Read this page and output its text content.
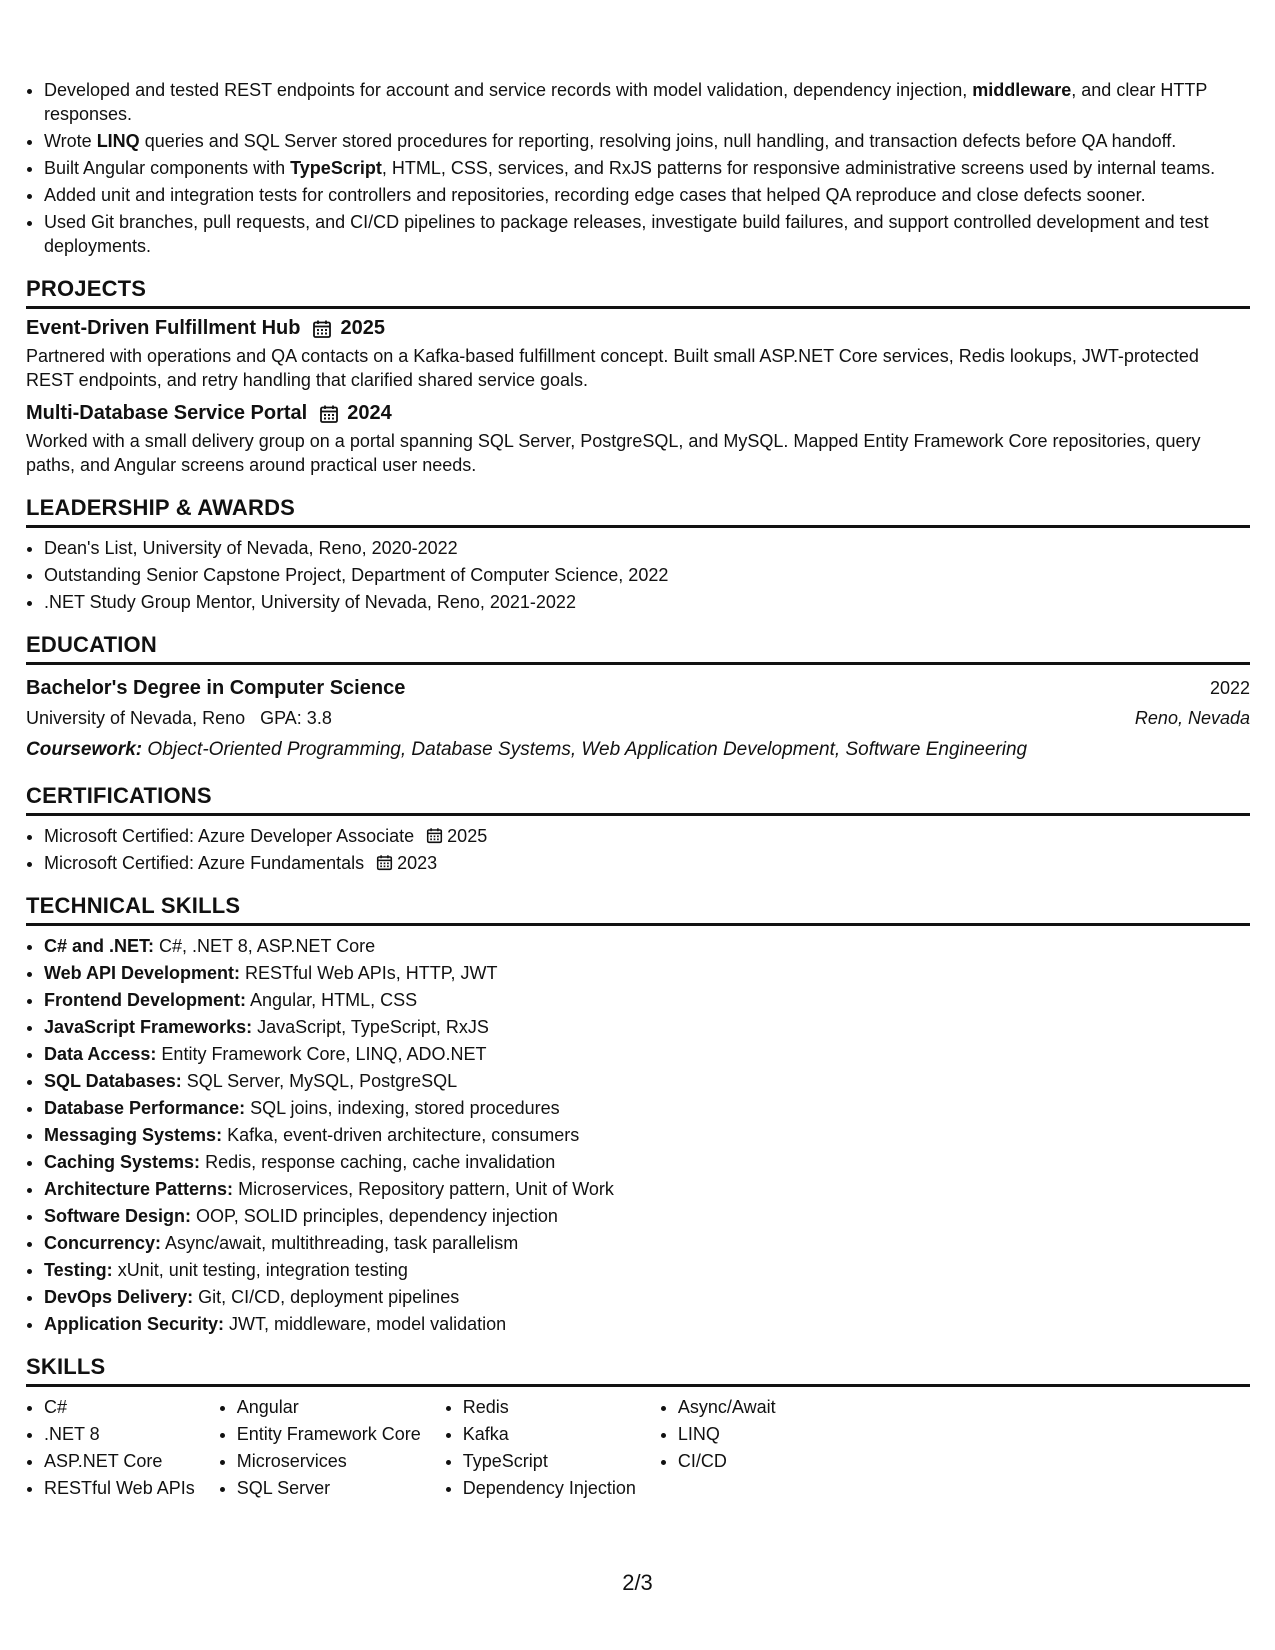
• Developed and tested REST endpoints for account and service records with model validation, dependency injection, middleware, and clear HTTP responses.
• Wrote LINQ queries and SQL Server stored procedures for reporting, resolving joins, null handling, and transaction defects before QA handoff.
• Built Angular components with TypeScript, HTML, CSS, services, and RxJS patterns for responsive administrative screens used by internal teams.
• Added unit and integration tests for controllers and repositories, recording edge cases that helped QA reproduce and close defects sooner.
• Used Git branches, pull requests, and CI/CD pipelines to package releases, investigate build failures, and support controlled development and test deployments.
PROJECTS
Event-Driven Fulfillment Hub 2025
Partnered with operations and QA contacts on a Kafka-based fulfillment concept. Built small ASP.NET Core services, Redis lookups, JWT-protected REST endpoints, and retry handling that clarified shared service goals.
Multi-Database Service Portal 2024
Worked with a small delivery group on a portal spanning SQL Server, PostgreSQL, and MySQL. Mapped Entity Framework Core repositories, query paths, and Angular screens around practical user needs.
LEADERSHIP & AWARDS
• Dean's List, University of Nevada, Reno, 2020-2022
• Outstanding Senior Capstone Project, Department of Computer Science, 2022
• .NET Study Group Mentor, University of Nevada, Reno, 2021-2022
EDUCATION
Bachelor's Degree in Computer Science	2022
University of Nevada, Reno GPA: 3.8	Reno, Nevada
Coursework: Object-Oriented Programming, Database Systems, Web Application Development, Software Engineering
CERTIFICATIONS
• Microsoft Certified: Azure Developer Associate 2025
• Microsoft Certified: Azure Fundamentals 2023
TECHNICAL SKILLS
• C# and .NET: C#, .NET 8, ASP.NET Core
• Web API Development: RESTful Web APIs, HTTP, JWT
• Frontend Development: Angular, HTML, CSS
• JavaScript Frameworks: JavaScript, TypeScript, RxJS
• Data Access: Entity Framework Core, LINQ, ADO.NET
• SQL Databases: SQL Server, MySQL, PostgreSQL
• Database Performance: SQL joins, indexing, stored procedures
• Messaging Systems: Kafka, event-driven architecture, consumers
• Caching Systems: Redis, response caching, cache invalidation
• Architecture Patterns: Microservices, Repository pattern, Unit of Work
• Software Design: OOP, SOLID principles, dependency injection
• Concurrency: Async/await, multithreading, task parallelism
• Testing: xUnit, unit testing, integration testing
• DevOps Delivery: Git, CI/CD, deployment pipelines
• Application Security: JWT, middleware, model validation
SKILLS
• C#
• .NET 8
• ASP.NET Core
• RESTful Web APIs
• Angular
• Entity Framework Core
• Microservices
• SQL Server
• Redis
• Kafka
• TypeScript
• Dependency Injection
• Async/Await
• LINQ
• CI/CD
2/3
